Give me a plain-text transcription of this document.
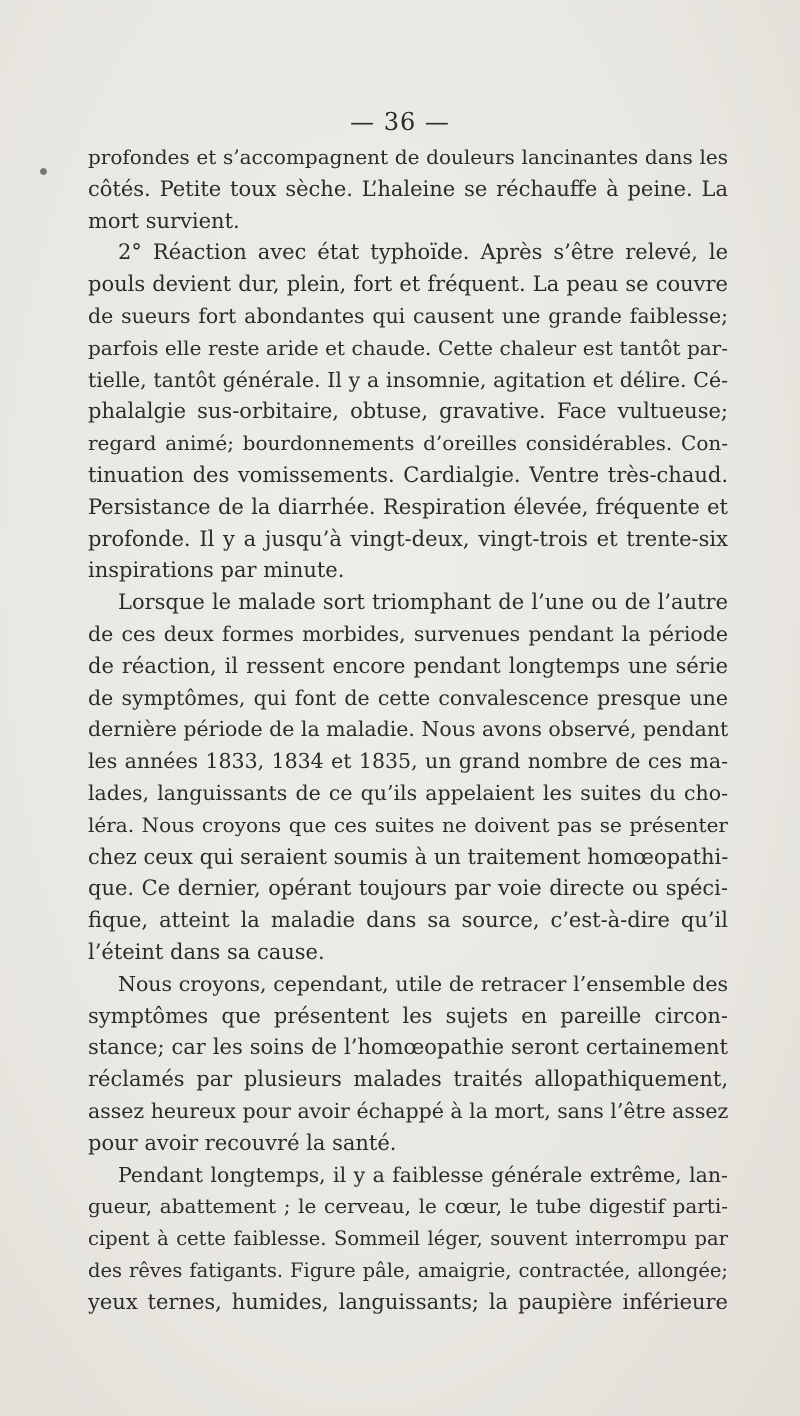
— 36 —
profondes et s’accompagnent de douleurs lancinantes dans les
côtés. Petite toux sèche. L’haleine se réchauffe à peine. La
mort survient.
2° Réaction avec état typhoïde. Après s’être relevé, le
pouls devient dur, plein, fort et fréquent. La peau se couvre
de sueurs fort abondantes qui causent une grande faiblesse;
parfois elle reste aride et chaude. Cette chaleur est tantôt par-
tielle, tantôt générale. Il y a insomnie, agitation et délire. Cé-
phalalgie sus-orbitaire, obtuse, gravative. Face vultueuse;
regard animé; bourdonnements d’oreilles considérables. Con-
tinuation des vomissements. Cardialgie. Ventre très-chaud.
Persistance de la diarrhée. Respiration élevée, fréquente et
profonde. Il y a jusqu’à vingt-deux, vingt-trois et trente-six
inspirations par minute.
Lorsque le malade sort triomphant de l’une ou de l’autre
de ces deux formes morbides, survenues pendant la période
de réaction, il ressent encore pendant longtemps une série
de symptômes, qui font de cette convalescence presque une
dernière période de la maladie. Nous avons observé, pendant
les années 1833, 1834 et 1835, un grand nombre de ces ma-
lades, languissants de ce qu’ils appelaient les suites du cho-
léra. Nous croyons que ces suites ne doivent pas se présenter
chez ceux qui seraient soumis à un traitement homœopathi-
que. Ce dernier, opérant toujours par voie directe ou spéci-
fique, atteint la maladie dans sa source, c’est-à-dire qu’il
l’éteint dans sa cause.
Nous croyons, cependant, utile de retracer l’ensemble des
symptômes que présentent les sujets en pareille circon-
stance; car les soins de l’homœopathie seront certainement
réclamés par plusieurs malades traités allopathiquement,
assez heureux pour avoir échappé à la mort, sans l’être assez
pour avoir recouvré la santé.
Pendant longtemps, il y a faiblesse générale extrême, lan-
gueur, abattement ; le cerveau, le cœur, le tube digestif parti-
cipent à cette faiblesse. Sommeil léger, souvent interrompu par
des rêves fatigants. Figure pâle, amaigrie, contractée, allongée;
yeux ternes, humides, languissants; la paupière inférieure
